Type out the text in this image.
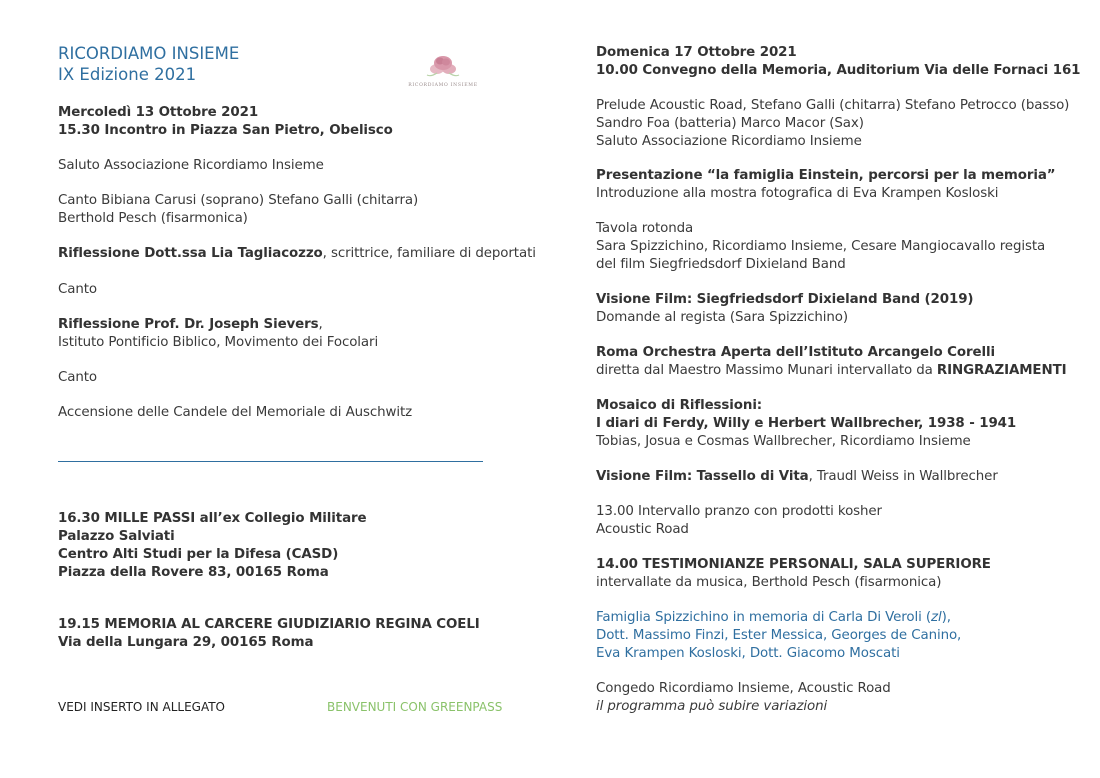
RICORDIAMO INSIEME
IX Edizione 2021
RICORDIAMO INSIEME
Mercoledì 13 Ottobre 2021
15.30 Incontro in Piazza San Pietro, Obelisco
Saluto Associazione Ricordiamo Insieme
Canto Bibiana Carusi (soprano) Stefano Galli (chitarra)
Berthold Pesch (fisarmonica)
Riflessione Dott.ssa Lia Tagliacozzo, scrittrice, familiare di deportati
Canto
Riflessione Prof. Dr. Joseph Sievers,
Istituto Pontificio Biblico, Movimento dei Focolari
Canto
Accensione delle Candele del Memoriale di Auschwitz
16.30 MILLE PASSI all’ex Collegio Militare
Palazzo Salviati
Centro Alti Studi per la Difesa (CASD)
Piazza della Rovere 83, 00165 Roma
19.15 MEMORIA AL CARCERE GIUDIZIARIO REGINA COELI
Via della Lungara 29, 00165 Roma
VEDI INSERTO IN ALLEGATO	BENVENUTI CON GREENPASS
Domenica 17 Ottobre 2021
10.00 Convegno della Memoria, Auditorium Via delle Fornaci 161
Prelude Acoustic Road, Stefano Galli (chitarra) Stefano Petrocco (basso)
Sandro Foa (batteria) Marco Macor (Sax)
Saluto Associazione Ricordiamo Insieme
Presentazione “la famiglia Einstein, percorsi per la memoria”
Introduzione alla mostra fotografica di Eva Krampen Kosloski
Tavola rotonda
Sara Spizzichino, Ricordiamo Insieme, Cesare Mangiocavallo regista
del film Siegfriedsdorf Dixieland Band
Visione Film: Siegfriedsdorf Dixieland Band (2019)
Domande al regista (Sara Spizzichino)
Roma Orchestra Aperta dell’Istituto Arcangelo Corelli
diretta dal Maestro Massimo Munari intervallato da RINGRAZIAMENTI
Mosaico di Riflessioni:
I diari di Ferdy, Willy e Herbert Wallbrecher, 1938 - 1941
Tobias, Josua e Cosmas Wallbrecher, Ricordiamo Insieme
Visione Film: Tassello di Vita, Traudl Weiss in Wallbrecher
13.00 Intervallo pranzo con prodotti kosher
Acoustic Road
14.00 TESTIMONIANZE PERSONALI, SALA SUPERIORE
intervallate da musica, Berthold Pesch (fisarmonica)
Famiglia Spizzichino in memoria di Carla Di Veroli (zl),
Dott. Massimo Finzi, Ester Messica, Georges de Canino,
Eva Krampen Kosloski, Dott. Giacomo Moscati
Congedo Ricordiamo Insieme, Acoustic Road
il programma può subire variazioni
